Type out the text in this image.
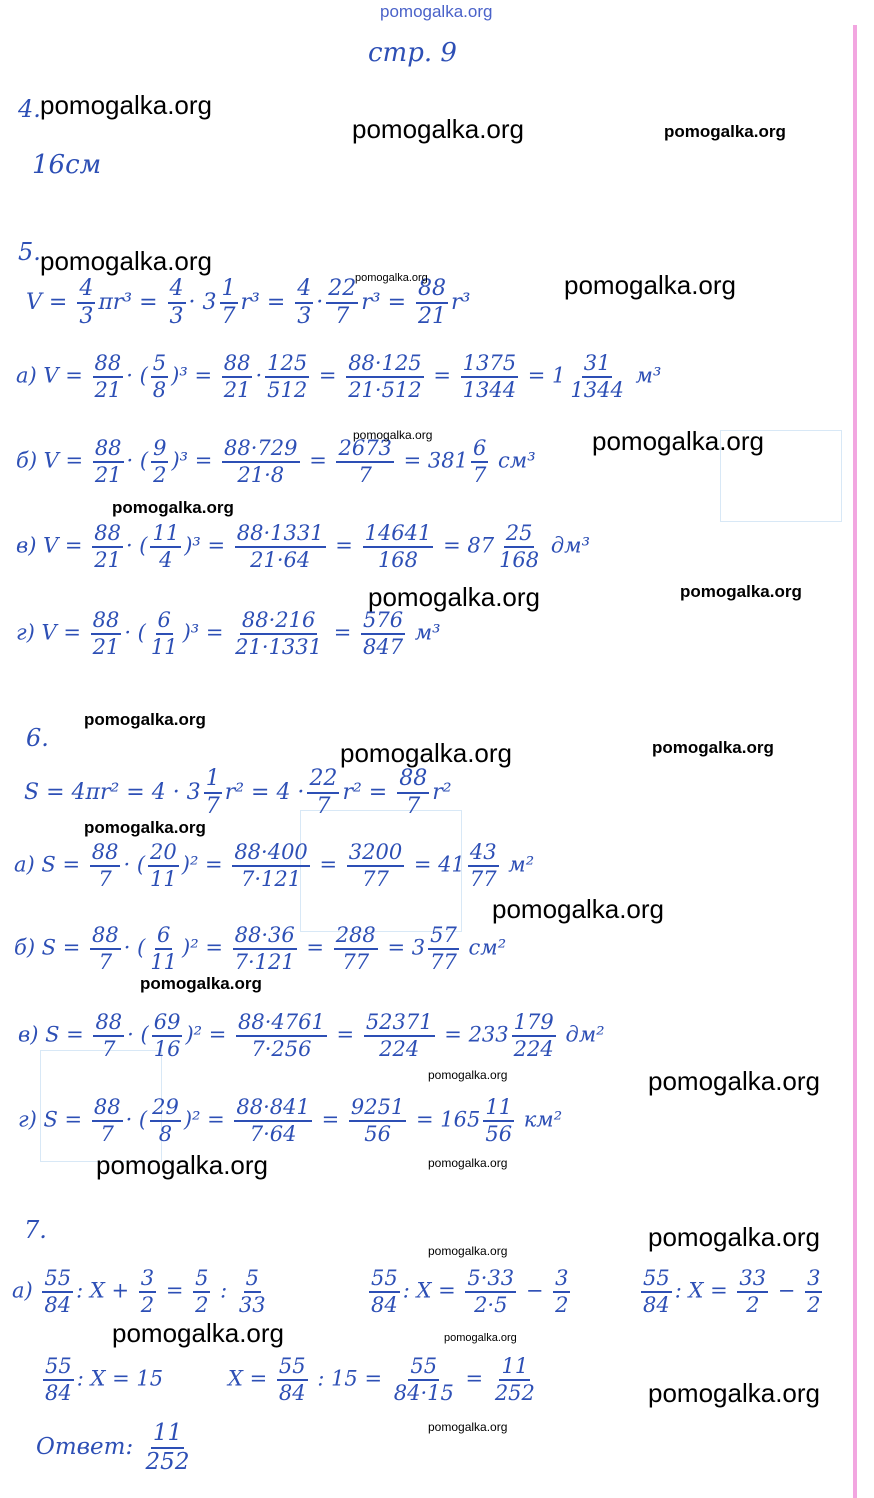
pomogalka.org
стр. 9
4.
16см
5.
$V = \frac{4}{3} \pi r^3 = \frac{4}{3} \cdot 3 \frac{1}{7} r^3 = \frac{4}{3} \cdot \frac{22}{7} r^3 = \frac{88}{21} r^3$
а) $V = \frac{88}{21}$ · ( $\frac{5}{8} )^3 = \frac{88}{21} \cdot \frac{125}{512} = \frac{88\cdot 125}{21\cdot 512} = \frac{1375}{1344} = 1 \frac{31}{1344} м^3$
б) $V = \frac{88}{21}$ · ( $\frac{9}{2} )^3 = \frac{88\cdot 729}{21\cdot 8} = \frac{2673}{7} = 381 \frac{6}{7} см^3$
в) $V = \frac{88}{21}$ · ( $\frac{11}{4} )^3 = \frac{88\cdot 1331}{21\cdot 64} = \frac{14641}{168} = 87 \frac{25}{168} дм^3$
г) $V = \frac{88}{21}$ · ( $\frac{6}{11} )^3 = \frac{88\cdot 216}{21\cdot 1331} = \frac{576}{847} м^3$
6.
$S = 4\pi r^2 = 4 \cdot 3 \frac{1}{7} r^2 = 4 \cdot \frac{22}{7} r^2 = \frac{88}{7} r^2$
а) $S = \frac{88}{7}$ · ( $\frac{20}{11} )^2 = \frac{88\cdot 400}{7\cdot 121} = \frac{3200}{77} = 41 \frac{43}{77} м^2$
б) $S = \frac{88}{7}$ · ( $\frac{6}{11} )^2 = \frac{88\cdot 36}{7\cdot 121} = \frac{288}{77} = 3 \frac{57}{77} см^2$
в) $S = \frac{88}{7}$ · ( $\frac{69}{16} )^2 = \frac{88\cdot 4761}{7\cdot 256} = \frac{52371}{224} = 233 \frac{179}{224} дм^2$
г) $S = \frac{88}{7}$ · ( $\frac{29}{8} )^2 = \frac{88\cdot 841}{7\cdot 64} = \frac{9251}{56} = 165 \frac{11}{56} км^2$
7.
$а) \frac{55}{84}$ : $X + \frac{3}{2} = \frac{5}{2}$ : $\frac{5}{33}$	$\frac{55}{84}$ : $X = \frac{5\cdot 33}{2\cdot 5} - \frac{3}{2}$	$\frac{55}{84}$ : $X = \frac{33}{2} - \frac{3}{2}$
$\frac{55}{84}$ : X = 15	$X = \frac{55}{84}$ : $15 = \frac{55}{84\cdot 15} = \frac{11}{252}$
Ответ: $\frac{11}{252}$
pomogalka.org
pomogalka.org	pomogalka.org
pomogalka.org
pomogalka.org	pomogalka.org
pomogalka.org	pomogalka.org
pomogalka.org
pomogalka.org	pomogalka.org
pomogalka.org
pomogalka.org	pomogalka.org
pomogalka.org
pomogalka.org
pomogalka.org
pomogalka.org	pomogalka.org
pomogalka.org	pomogalka.org
pomogalka.org
pomogalka.org
pomogalka.org	pomogalka.org
pomogalka.org
pomogalka.org
